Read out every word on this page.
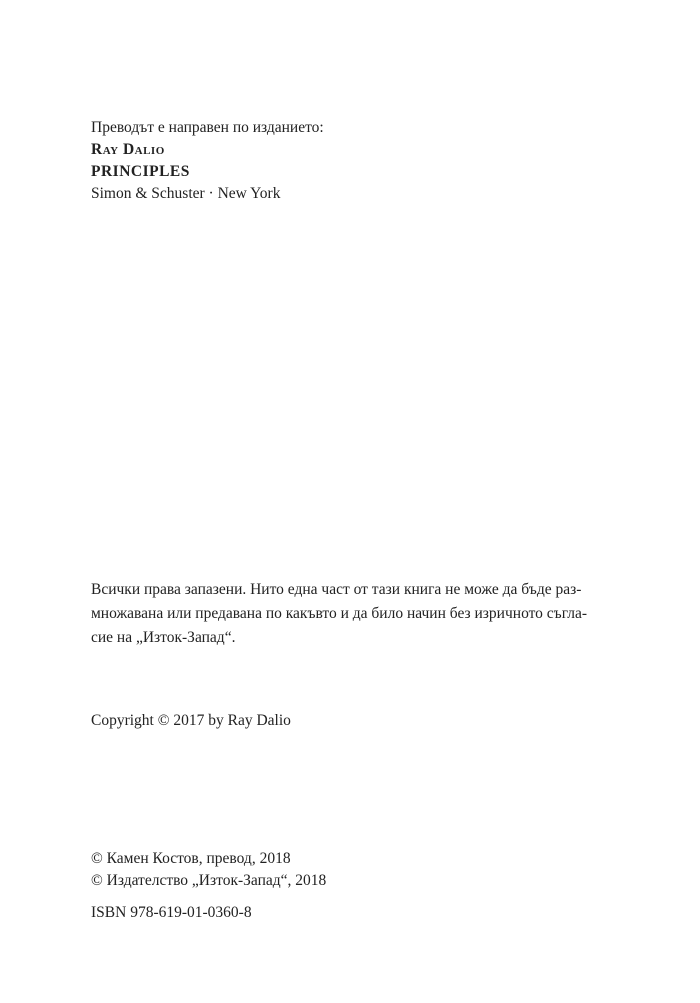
Преводът е направен по изданието:
Ray Dalio
PRINCIPLES
Simon & Schuster · New York
Всички права запазени. Нито една част от тази книга не може да бъде раз-
множавана или предавана по какъвто и да било начин без изричното съгла-
сие на „Изток-Запад“.
Copyright © 2017 by Ray Dalio
© Камен Костов, превод, 2018
© Издателство „Изток-Запад“, 2018
ISBN 978-619-01-0360-8
